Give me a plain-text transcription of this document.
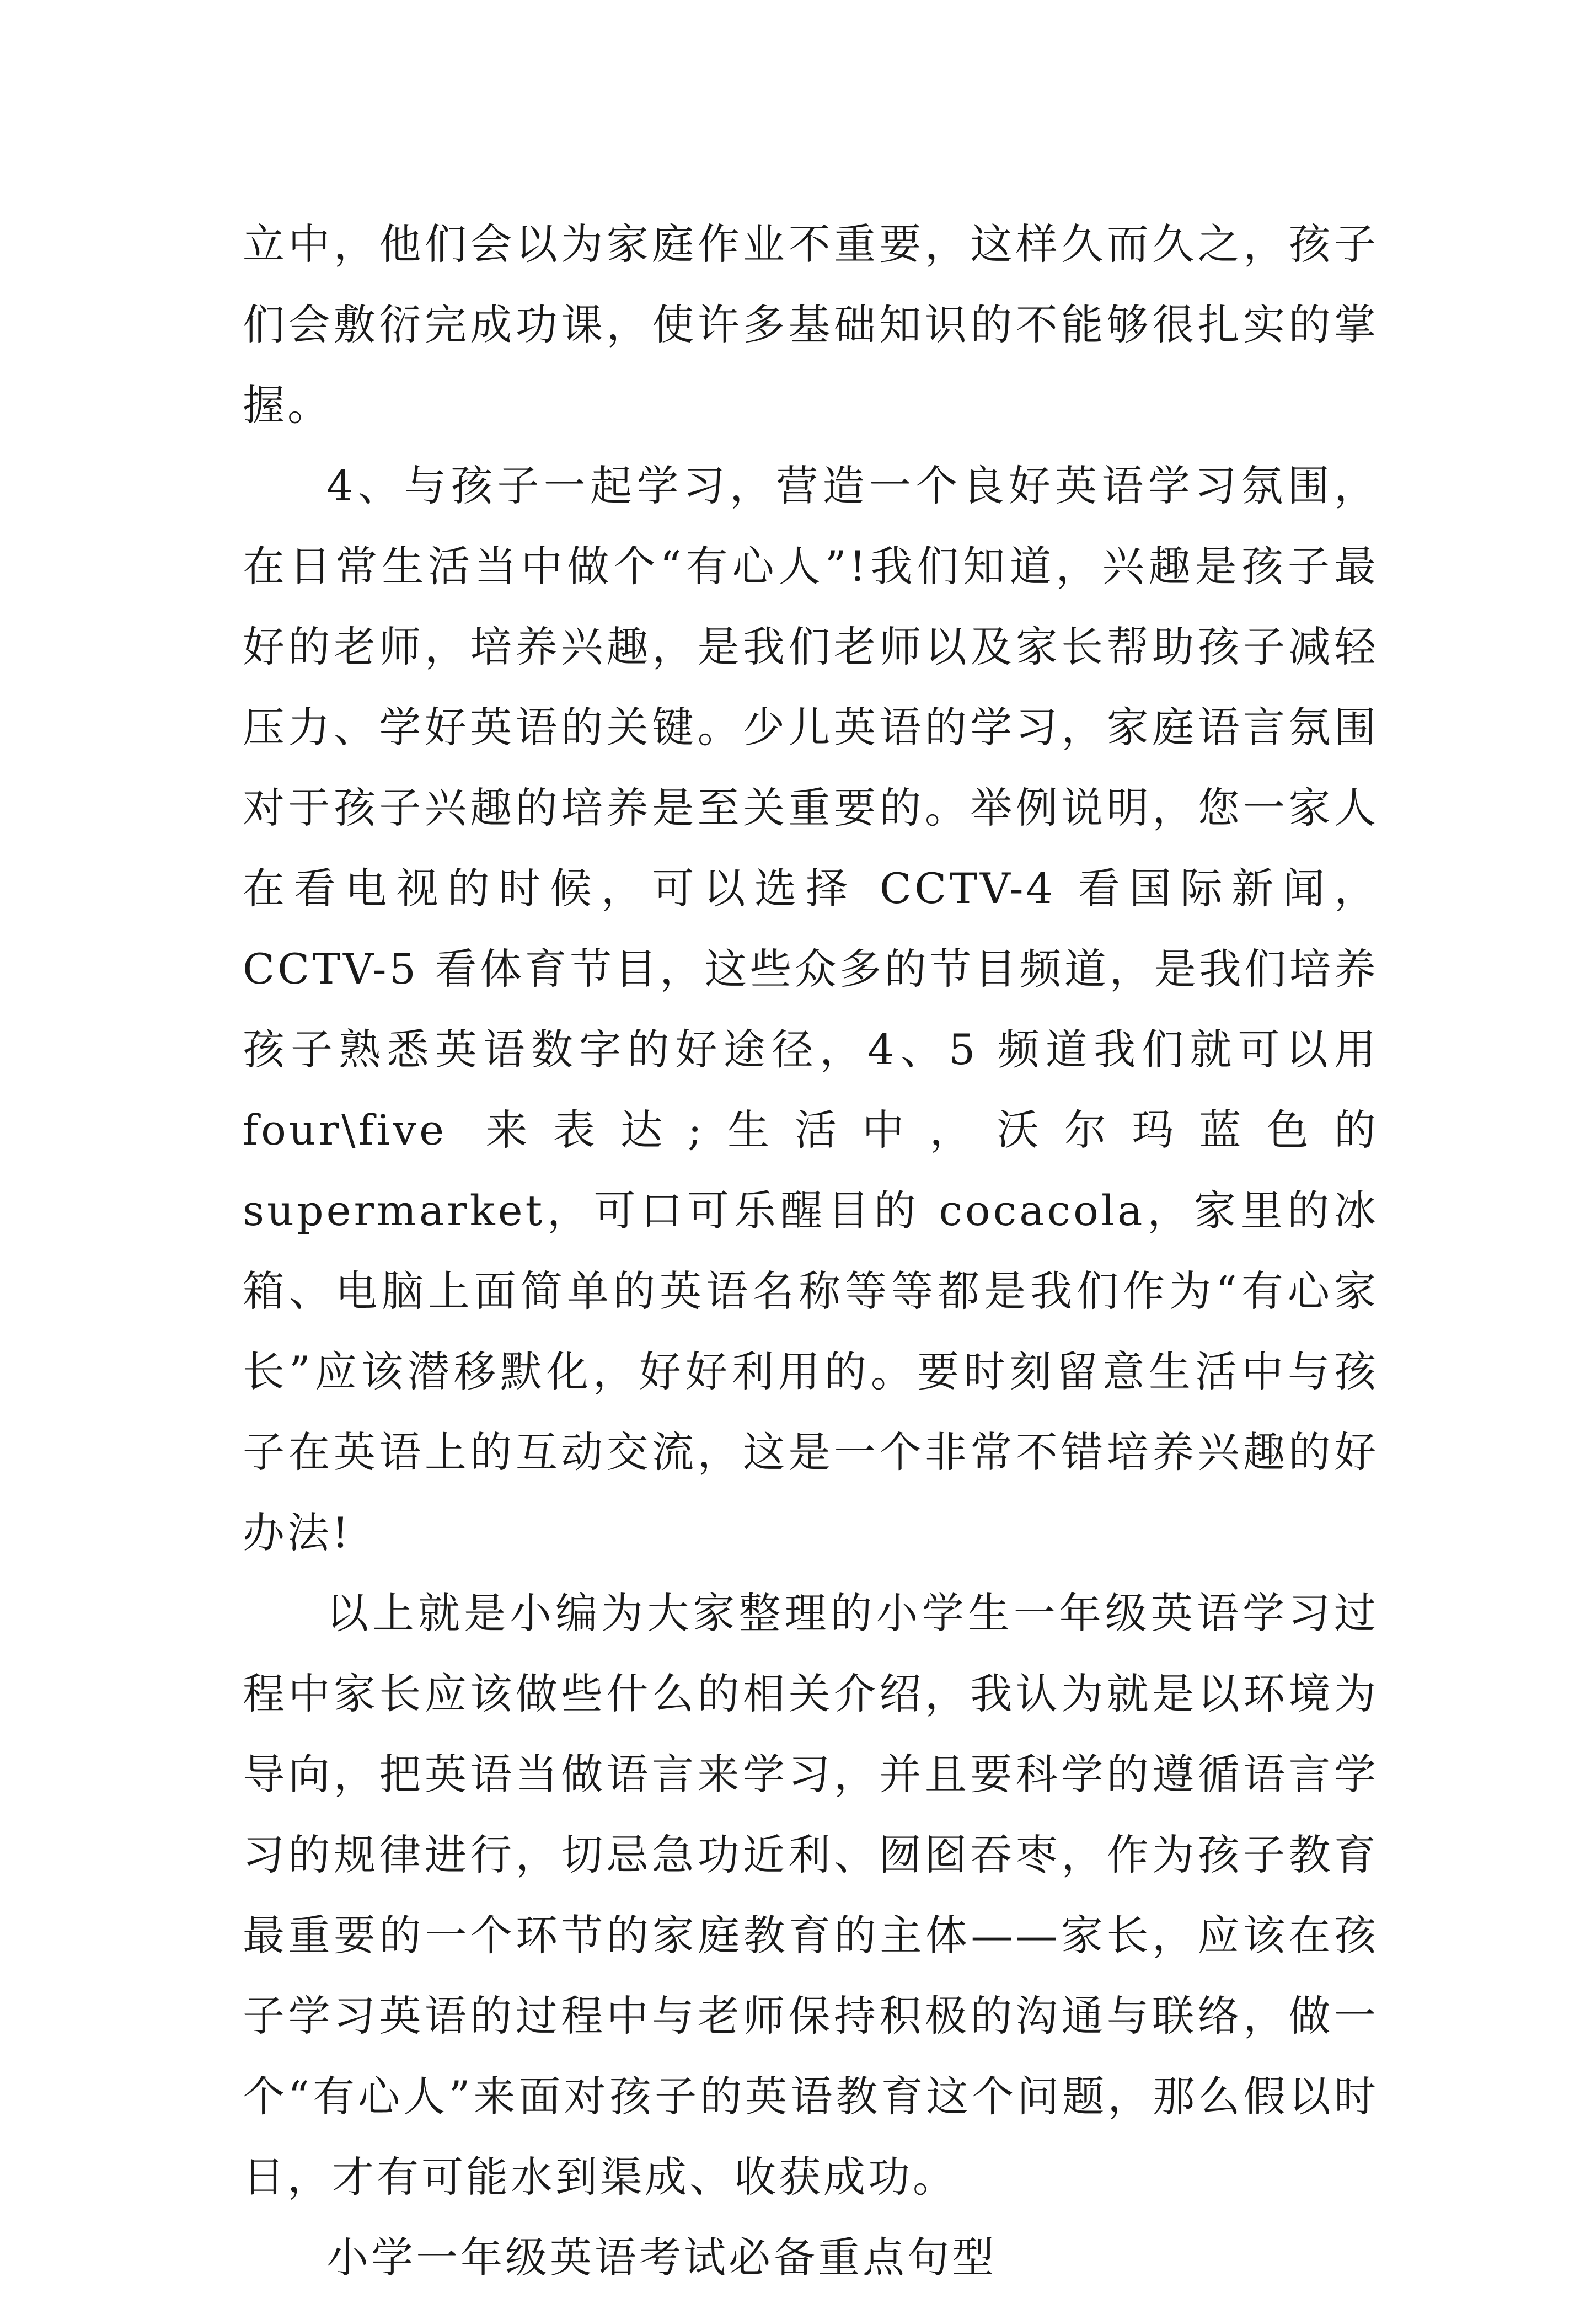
立中，他们会以为家庭作业不重要，这样久而久之，孩子们会敷衍完成功课，使许多基础知识的不能够很扎实的掌握。

4、与孩子一起学习，营造一个良好英语学习氛围，在日常生活当中做个“有心人”!我们知道，兴趣是孩子最好的老师，培养兴趣，是我们老师以及家长帮助孩子减轻压力、学好英语的关键。少儿英语的学习，家庭语言氛围对于孩子兴趣的培养是至关重要的。举例说明，您一家人在看电视的时候，可以选择 CCTV-4 看国际新闻，CCTV-5 看体育节目，这些众多的节目频道，是我们培养孩子熟悉英语数字的好途径，4、5 频道我们就可以用 four\five 来表达;生活中，沃尔玛蓝色的 supermarket，可口可乐醒目的 cocacola，家里的冰箱、电脑上面简单的英语名称等等都是我们作为“有心家长”应该潜移默化，好好利用的。要时刻留意生活中与孩子在英语上的互动交流，这是一个非常不错培养兴趣的好办法!

以上就是小编为大家整理的小学生一年级英语学习过程中家长应该做些什么的相关介绍，我认为就是以环境为导向，把英语当做语言来学习，并且要科学的遵循语言学习的规律进行，切忌急功近利、囫囵吞枣，作为孩子教育最重要的一个环节的家庭教育的主体——家长，应该在孩子学习英语的过程中与老师保持积极的沟通与联络，做一个“有心人”来面对孩子的英语教育这个问题，那么假以时日，才有可能水到渠成、收获成功。

小学一年级英语考试必备重点句型
